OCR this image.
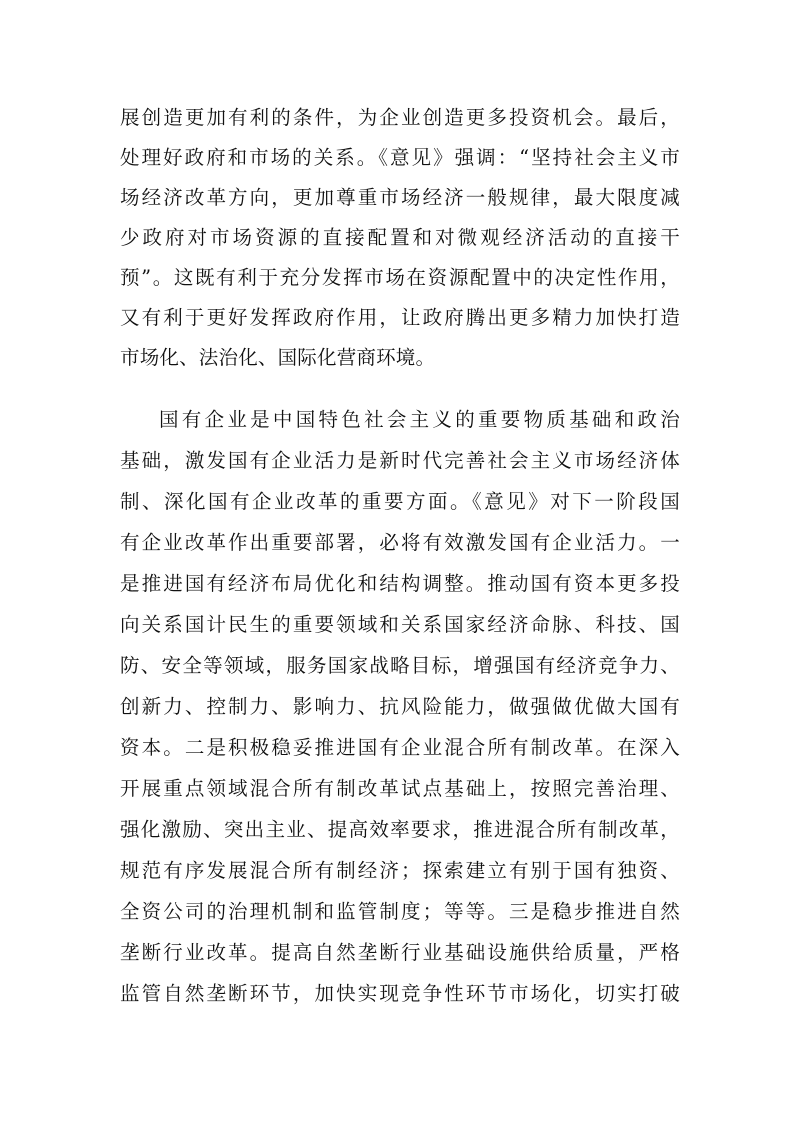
展创造更加有利的条件，为企业创造更多投资机会。最后，
处理好政府和市场的关系。《意见》强调：“坚持社会主义市
场经济改革方向，更加尊重市场经济一般规律，最大限度减
少政府对市场资源的直接配置和对微观经济活动的直接干
预”。这既有利于充分发挥市场在资源配置中的决定性作用，
又有利于更好发挥政府作用，让政府腾出更多精力加快打造
市场化、法治化、国际化营商环境。
国有企业是中国特色社会主义的重要物质基础和政治
基础，激发国有企业活力是新时代完善社会主义市场经济体
制、深化国有企业改革的重要方面。《意见》对下一阶段国
有企业改革作出重要部署，必将有效激发国有企业活力。一
是推进国有经济布局优化和结构调整。推动国有资本更多投
向关系国计民生的重要领域和关系国家经济命脉、科技、国
防、安全等领域，服务国家战略目标，增强国有经济竞争力、
创新力、控制力、影响力、抗风险能力，做强做优做大国有
资本。二是积极稳妥推进国有企业混合所有制改革。在深入
开展重点领域混合所有制改革试点基础上，按照完善治理、
强化激励、突出主业、提高效率要求，推进混合所有制改革，
规范有序发展混合所有制经济；探索建立有别于国有独资、
全资公司的治理机制和监管制度；等等。三是稳步推进自然
垄断行业改革。提高自然垄断行业基础设施供给质量，严格
监管自然垄断环节，加快实现竞争性环节市场化，切实打破
